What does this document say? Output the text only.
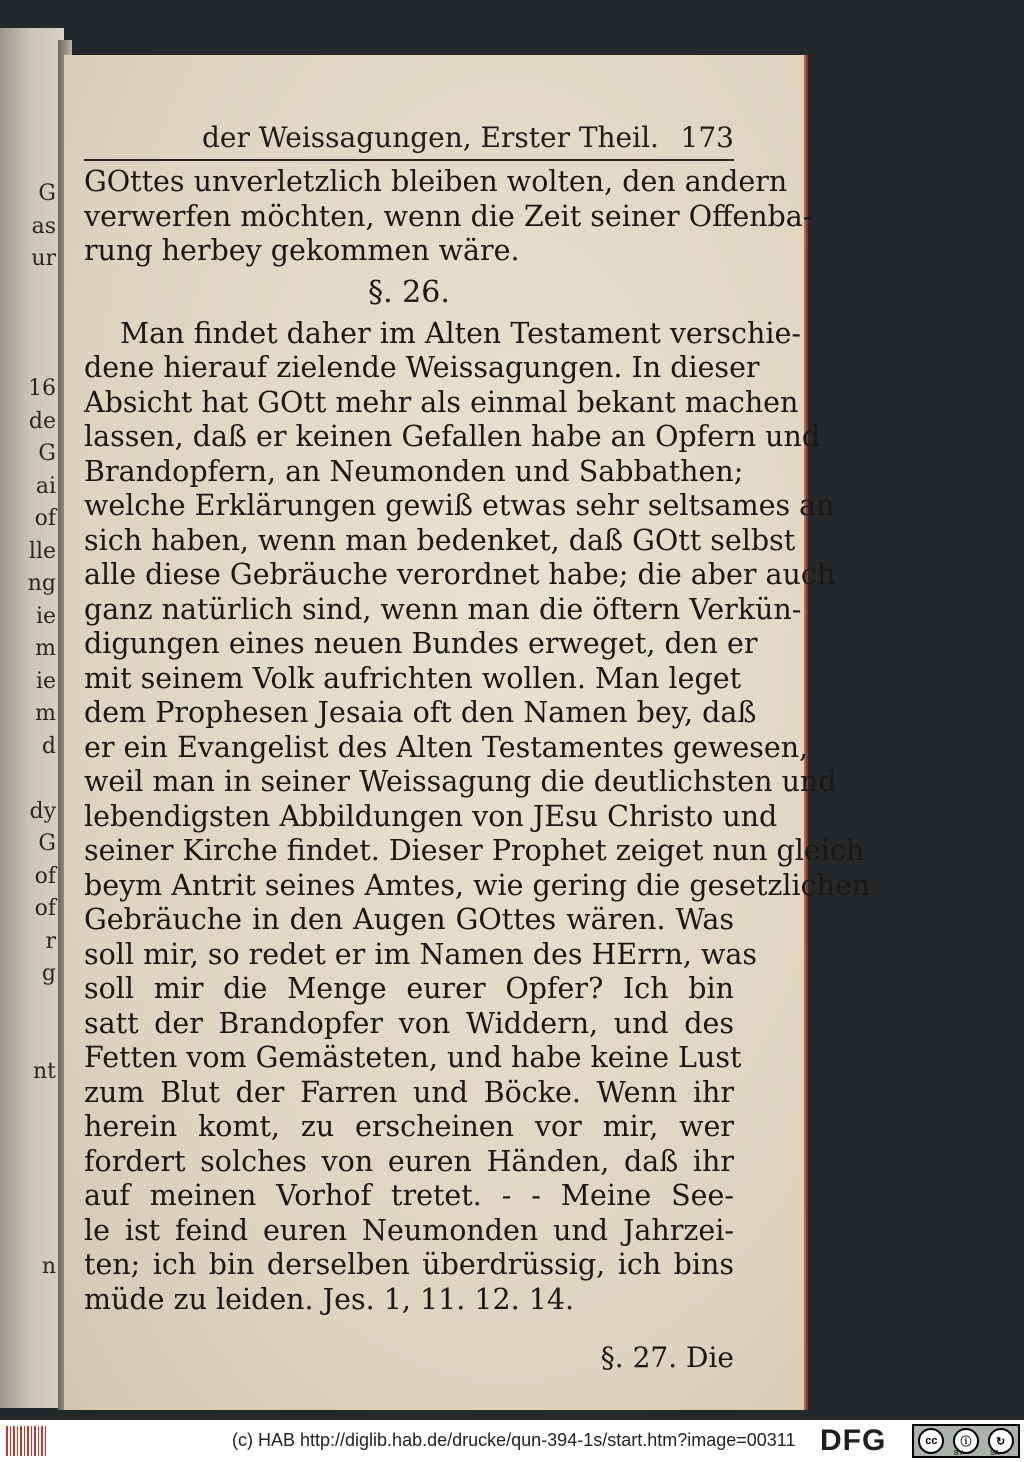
G
as
ur
16
de
G
ai
of
lle
ng
ie
m
ie
m
d
dy
G
of
of
r
g
nt
n
der Weissagungen, Erster Theil. 173
GOttes unverletzlich bleiben wolten, den andern
verwerfen möchten, wenn die Zeit seiner Offenba-
rung herbey gekommen wäre.
§. 26.
Man findet daher im Alten Testament verschie-
dene hierauf zielende Weissagungen. In dieser
Absicht hat GOtt mehr als einmal bekant machen
lassen, daß er keinen Gefallen habe an Opfern und
Brandopfern, an Neumonden und Sabbathen;
welche Erklärungen gewiß etwas sehr seltsames an
sich haben, wenn man bedenket, daß GOtt selbst
alle diese Gebräuche verordnet habe; die aber auch
ganz natürlich sind, wenn man die öftern Verkün-
digungen eines neuen Bundes erweget, den er
mit seinem Volk aufrichten wollen. Man leget
dem Prophesen Jesaia oft den Namen bey, daß
er ein Evangelist des Alten Testamentes gewesen,
weil man in seiner Weissagung die deutlichsten und
lebendigsten Abbildungen von JEsu Christo und
seiner Kirche findet. Dieser Prophet zeiget nun gleich
beym Antrit seines Amtes, wie gering die gesetzlichen
Gebräuche in den Augen GOttes wären. Was
soll mir, so redet er im Namen des HErrn, was
soll mir die Menge eurer Opfer? Ich bin
satt der Brandopfer von Widdern, und des
Fetten vom Gemästeten, und habe keine Lust
zum Blut der Farren und Böcke. Wenn ihr
herein komt, zu erscheinen vor mir, wer
fordert solches von euren Händen, daß ihr
auf meinen Vorhof tretet. - - Meine See-
le ist feind euren Neumonden und Jahrzei-
ten; ich bin derselben überdrüssig, ich bins
müde zu leiden. Jes. 1, 11. 12. 14.
§. 27. Die
(c) HAB http://diglib.hab.de/drucke/qun-394-1s/start.htm?image=00311 DFG	cc	ⓘ ↻
BY	SA
